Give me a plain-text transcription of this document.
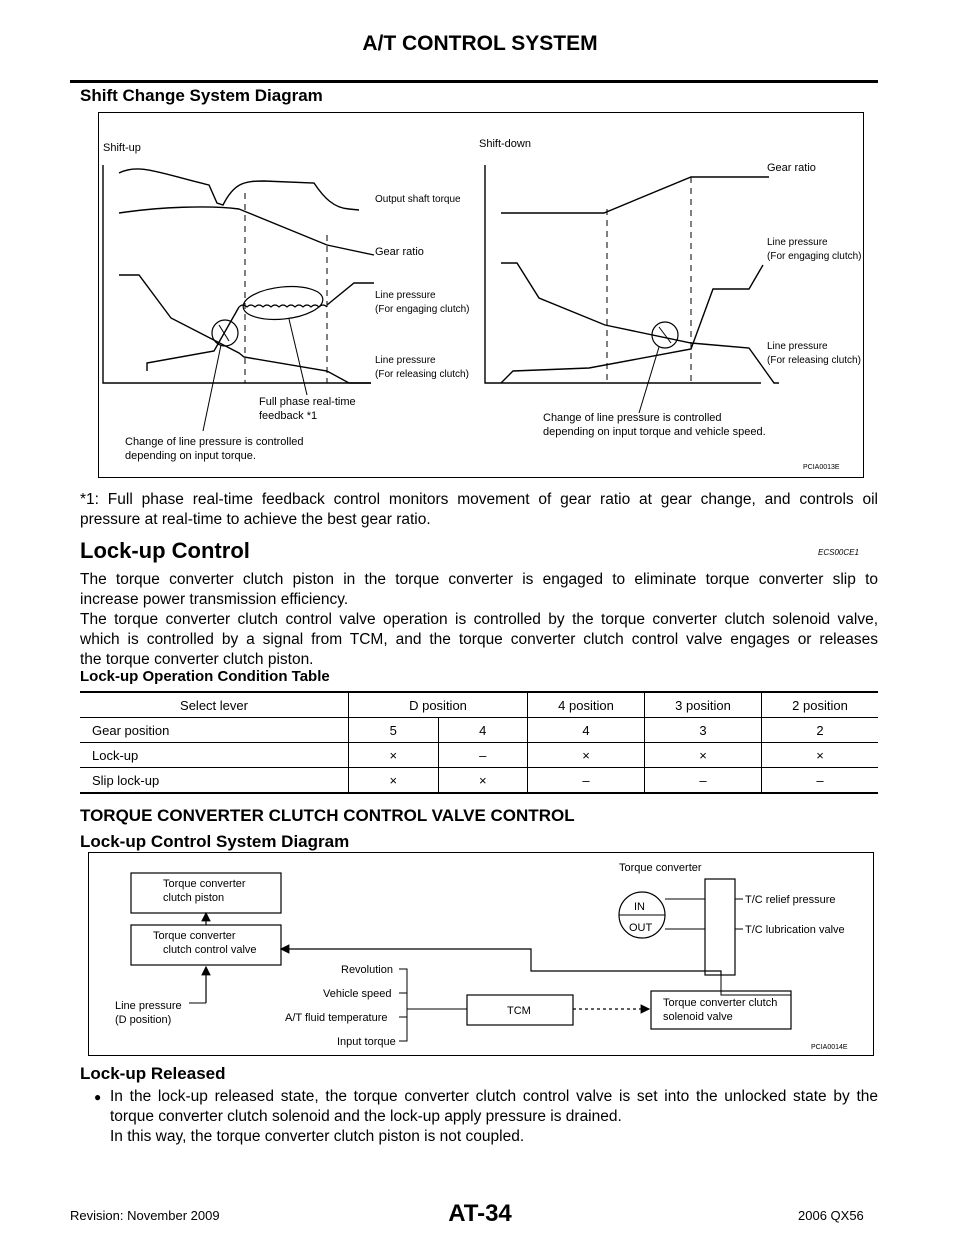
A/T CONTROL SYSTEM
Shift Change System Diagram
Shift-up	Shift-down
Output shaft torque
Gear ratio
Line pressure
(For engaging clutch)
Line pressure
(For releasing clutch)
Full phase real-time
feedback *1
Change of line pressure is controlled
depending on input torque.
Gear ratio
Line pressure
(For engaging clutch)
Line pressure
(For releasing clutch)
Change of line pressure is controlled
depending on input torque and vehicle speed.
PCIA0013E
*1: Full phase real-time feedback control monitors movement of gear ratio at gear change, and controls oil
pressure at real-time to achieve the best gear ratio.
Lock-up Control	ECS00CE1
The torque converter clutch piston in the torque converter is engaged to eliminate torque converter slip to
increase power transmission efficiency.
The torque converter clutch control valve operation is controlled by the torque converter clutch solenoid valve,
which is controlled by a signal from TCM, and the torque converter clutch control valve engages or releases
the torque converter clutch piston.
Lock-up Operation Condition Table
Select lever	D position		4 position	3 position	2 position
Gear position	5	4	4	3	2
Lock-up	×	–	×	×	×
Slip lock-up	×	×	–	–	–
TORQUE CONVERTER CLUTCH CONTROL VALVE CONTROL
Lock-up Control System Diagram
Torque converter
clutch piston
Torque converter
clutch control valve
Torque converter
IN
OUT
T/C relief pressure
T/C lubrication valve
Revolution
Vehicle speed
A/T fluid temperature
Input torque
Line pressure
(D position)
TCM
Torque converter clutch
solenoid valve
PCIA0014E
Lock-up Released
● In the lock-up released state, the torque converter clutch control valve is set into the unlocked state by the
torque converter clutch solenoid and the lock-up apply pressure is drained.
In this way, the torque converter clutch piston is not coupled.
Revision: November 2009	AT-34	2006 QX56
